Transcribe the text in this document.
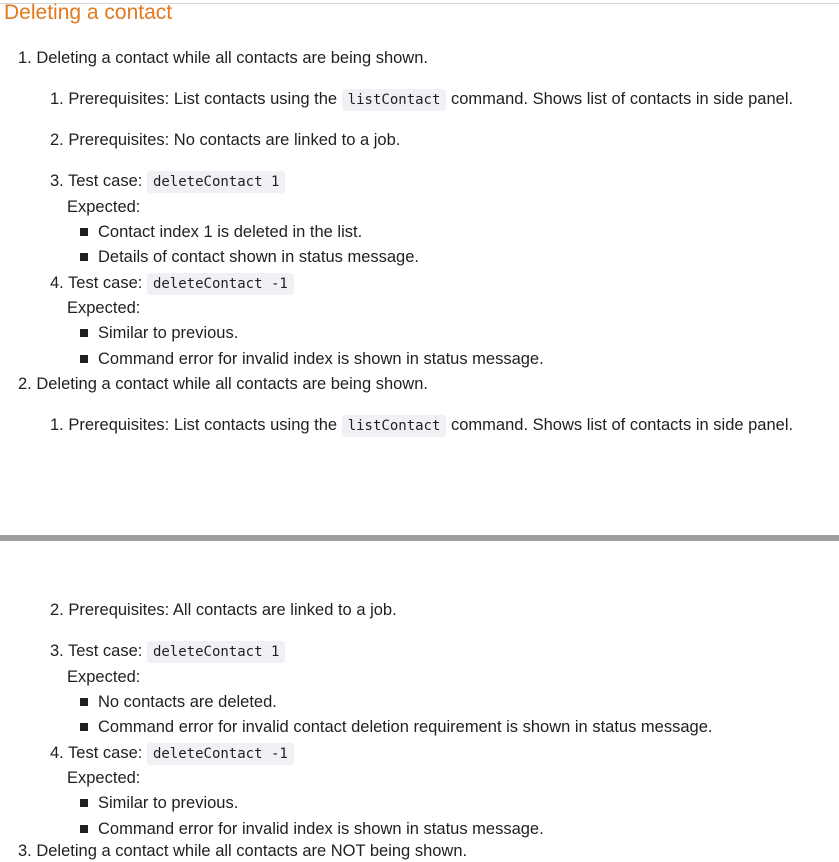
Deleting a contact
1. Deleting a contact while all contacts are being shown.
1. Prerequisites: List contacts using the listContact command. Shows list of contacts in side panel.
2. Prerequisites: No contacts are linked to a job.
3. Test case: deleteContact 1
Expected:
Contact index 1 is deleted in the list.
Details of contact shown in status message.
4. Test case: deleteContact -1
Expected:
Similar to previous.
Command error for invalid index is shown in status message.
2. Deleting a contact while all contacts are being shown.
1. Prerequisites: List contacts using the listContact command. Shows list of contacts in side panel.
2. Prerequisites: All contacts are linked to a job.
3. Test case: deleteContact 1
Expected:
No contacts are deleted.
Command error for invalid contact deletion requirement is shown in status message.
4. Test case: deleteContact -1
Expected:
Similar to previous.
Command error for invalid index is shown in status message.
3. Deleting a contact while all contacts are NOT being shown.
